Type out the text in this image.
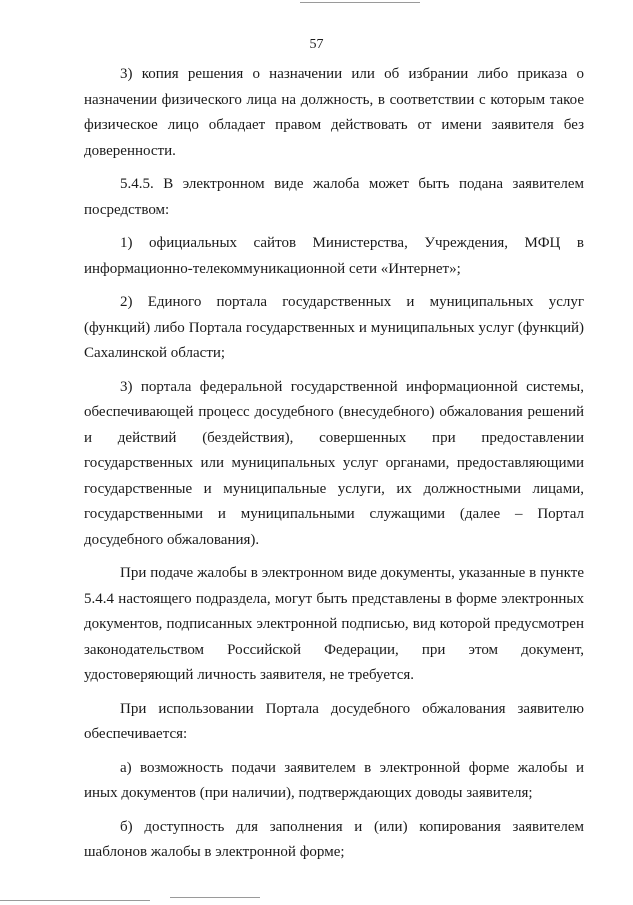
57

3) копия решения о назначении или об избрании либо приказа о назначении физического лица на должность, в соответствии с которым такое физическое лицо обладает правом действовать от имени заявителя без доверенности.

5.4.5. В электронном виде жалоба может быть подана заявителем посредством:

1) официальных сайтов Министерства, Учреждения, МФЦ в информационно-телекоммуникационной сети «Интернет»;

2) Единого портала государственных и муниципальных услуг (функций) либо Портала государственных и муниципальных услуг (функций) Сахалинской области;

3) портала федеральной государственной информационной системы, обеспечивающей процесс досудебного (внесудебного) обжалования решений и действий (бездействия), совершенных при предоставлении государственных или муниципальных услуг органами, предоставляющими государственные и муниципальные услуги, их должностными лицами, государственными и муниципальными служащими (далее – Портал досудебного обжалования).

При подаче жалобы в электронном виде документы, указанные в пункте 5.4.4 настоящего подраздела, могут быть представлены в форме электронных документов, подписанных электронной подписью, вид которой предусмотрен законодательством Российской Федерации, при этом документ, удостоверяющий личность заявителя, не требуется.

При использовании Портала досудебного обжалования заявителю обеспечивается:

а) возможность подачи заявителем в электронной форме жалобы и иных документов (при наличии), подтверждающих доводы заявителя;

б) доступность для заполнения и (или) копирования заявителем шаблонов жалобы в электронной форме;
